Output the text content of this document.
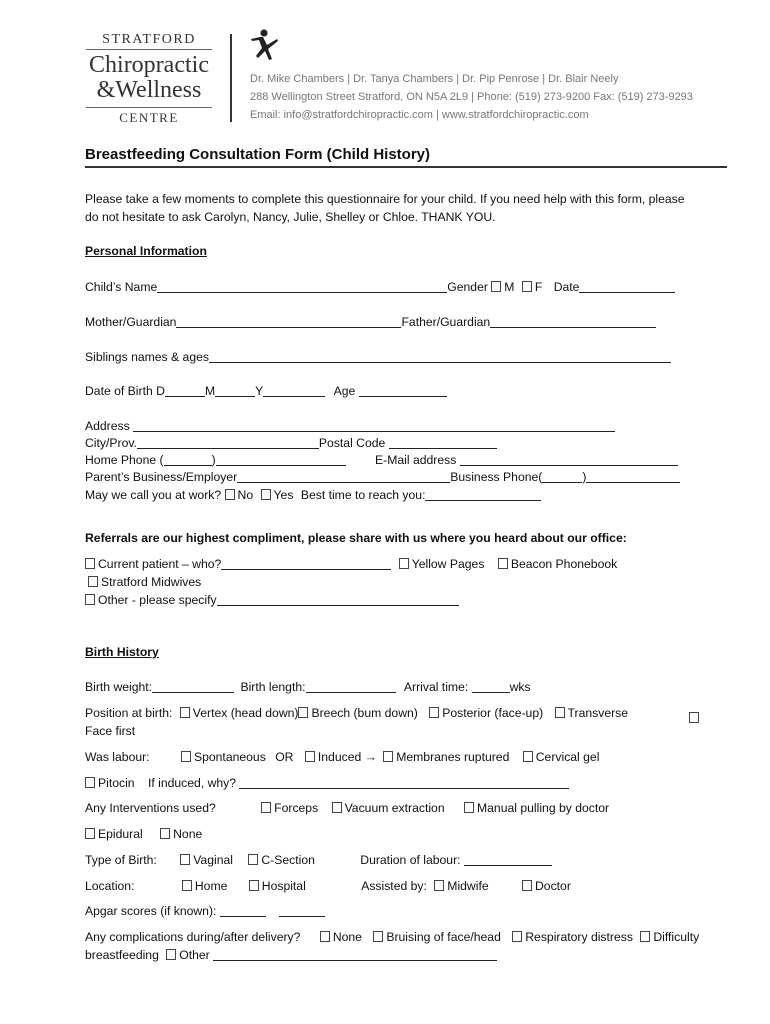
STRATFORD
Chiropractic
&Wellness
CENTRE
Dr. Mike Chambers | Dr. Tanya Chambers | Dr. Pip Penrose | Dr. Blair Neely
288 Wellington Street Stratford, ON N5A 2L9 | Phone: (519) 273-9200 Fax: (519) 273-9293
Email: info@stratfordchiropractic.com | www.stratfordchiropractic.com
Breastfeeding Consultation Form (Child History)
Please take a few moments to complete this questionnaire for your child. If you need help with this form, please
do not hesitate to ask Carolyn, Nancy, Julie, Shelley or Chloe. THANK YOU.
Personal Information
Child’s Name	Gender M F Date
Mother/Guardian	Father/Guardian
Siblings names & ages
Date of Birth D	M	Y	Age
Address
City/Prov.	Postal Code
Home Phone (	)	E-Mail address
Parent’s Business/Employer	Business Phone(	)
May we call you at work? No Yes Best time to reach you:
Referrals are our highest compliment, please share with us where you heard about our office:
Current patient – who?	Yellow Pages Beacon Phonebook
Stratford Midwives
Other - please specify
Birth History
Birth weight:	Birth length:	Arrival time:	wks
Position at birth: Vertex (head down) Breech (bum down) Posterior (face-up) Transverse
Face first
Was labour:	Spontaneous OR Induced → Membranes ruptured Cervical gel
Pitocin If induced, why?
Any Interventions used?	Forceps Vacuum extraction	Manual pulling by doctor
Epidural None
Type of Birth:	Vaginal C-Section	Duration of labour:
Location:	Home	Hospital	Assisted by: Midwife	Doctor
Apgar scores (if known):
Any complications during/after delivery?	None Bruising of face/head Respiratory distress Difficulty
breastfeeding Other
